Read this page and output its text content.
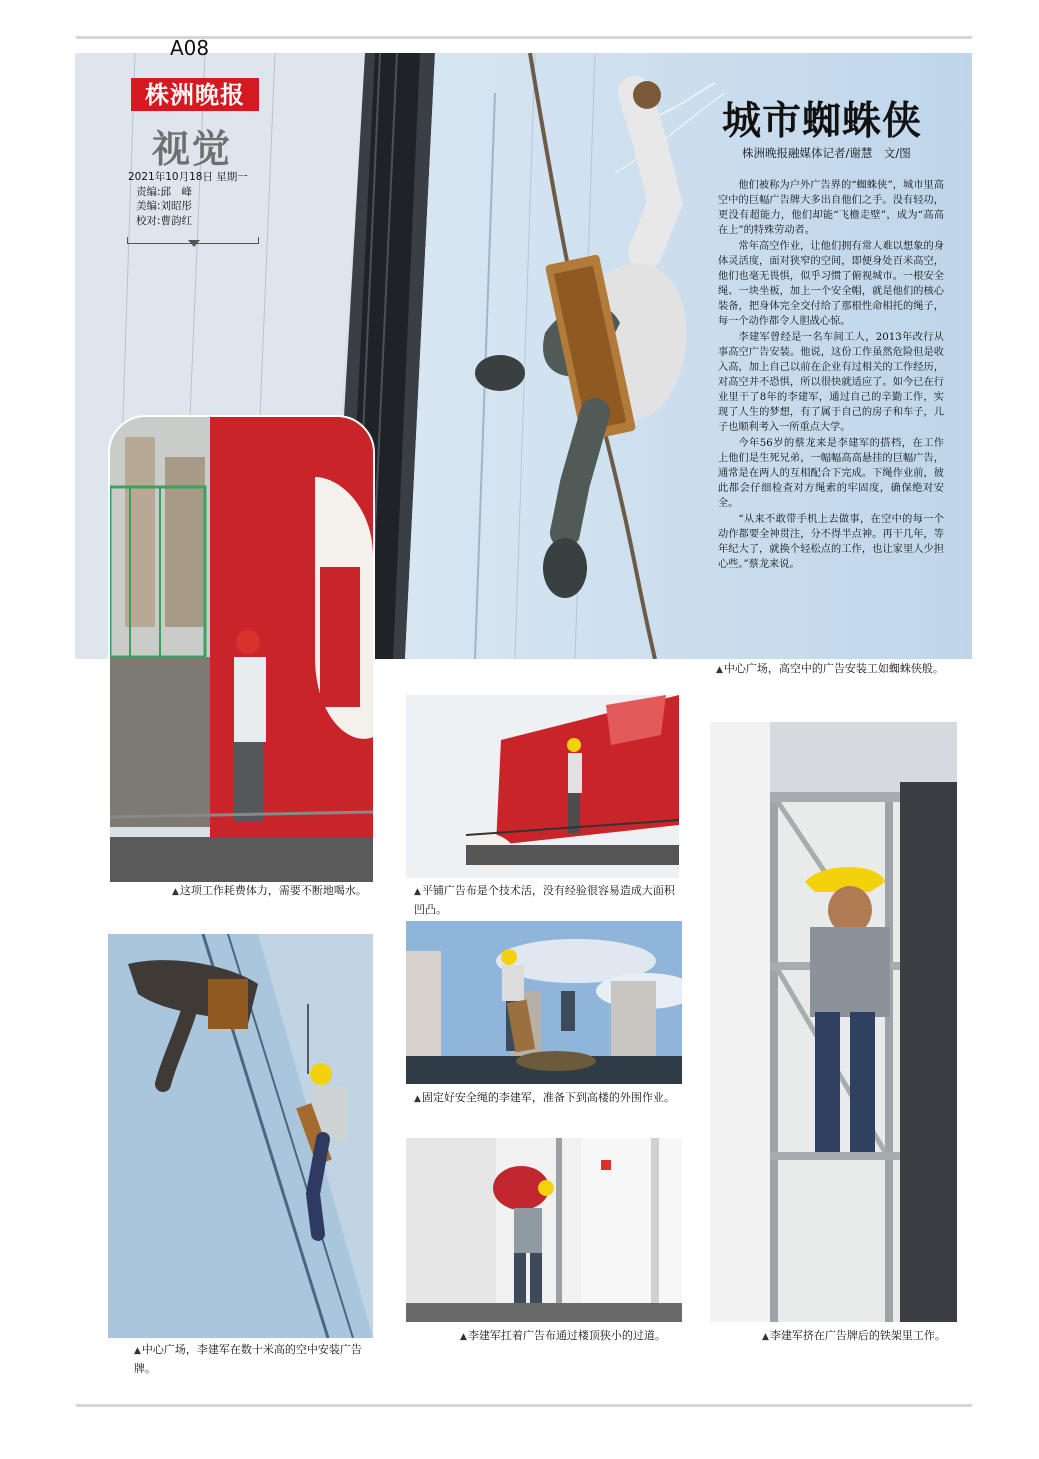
A08
株洲晚报
视觉
2021年10月18日 星期一
责编:邱　峰
美编:刘昭彤
校对:曹韵红
城市蜘蛛侠
株洲晚报融媒体记者/谢慧　文/图

他们被称为户外广告界的“蜘蛛侠”，城市里高空中的巨幅广告牌大多出自他们之手。没有轻功，更没有超能力，他们却能“飞檐走壁”，成为“高高在上”的特殊劳动者。

常年高空作业，让他们拥有常人难以想象的身体灵活度，面对狭窄的空间，即便身处百米高空，他们也毫无畏惧，似乎习惯了俯视城市。一根安全绳、一块坐板，加上一个安全帽，就是他们的核心装备，把身体完全交付给了那根性命相托的绳子，每一个动作都令人胆战心惊。

李建军曾经是一名车间工人，2013年改行从事高空广告安装。他说，这份工作虽然危险但是收入高，加上自己以前在企业有过相关的工作经历，对高空并不恐惧，所以很快就适应了。如今已在行业里干了8年的李建军，通过自己的辛勤工作，实现了人生的梦想，有了属于自己的房子和车子，儿子也顺利考入一所重点大学。

今年56岁的蔡龙来是李建军的搭档，在工作上他们是生死兄弟，一幅幅高高悬挂的巨幅广告，通常是在两人的互相配合下完成。下绳作业前，彼此都会仔细检查对方绳索的牢固度，确保绝对安全。

“从来不敢带手机上去做事，在空中的每一个动作都要全神贯注，分不得半点神。再干几年，等年纪大了，就换个轻松点的工作，也让家里人少担心些。”蔡龙来说。

▲中心广场，高空中的广告安装工如蜘蛛侠般。
▲这项工作耗费体力，需要不断地喝水。	▲平铺广告布是个技术活，没有经验很容易造成大面积凹凸。
▲固定好安全绳的李建军，准备下到高楼的外围作业。
▲中心广场，李建军在数十米高的空中安装广告牌。
▲李建军扛着广告布通过楼顶狭小的过道。	▲李建军挤在广告牌后的铁架里工作。
